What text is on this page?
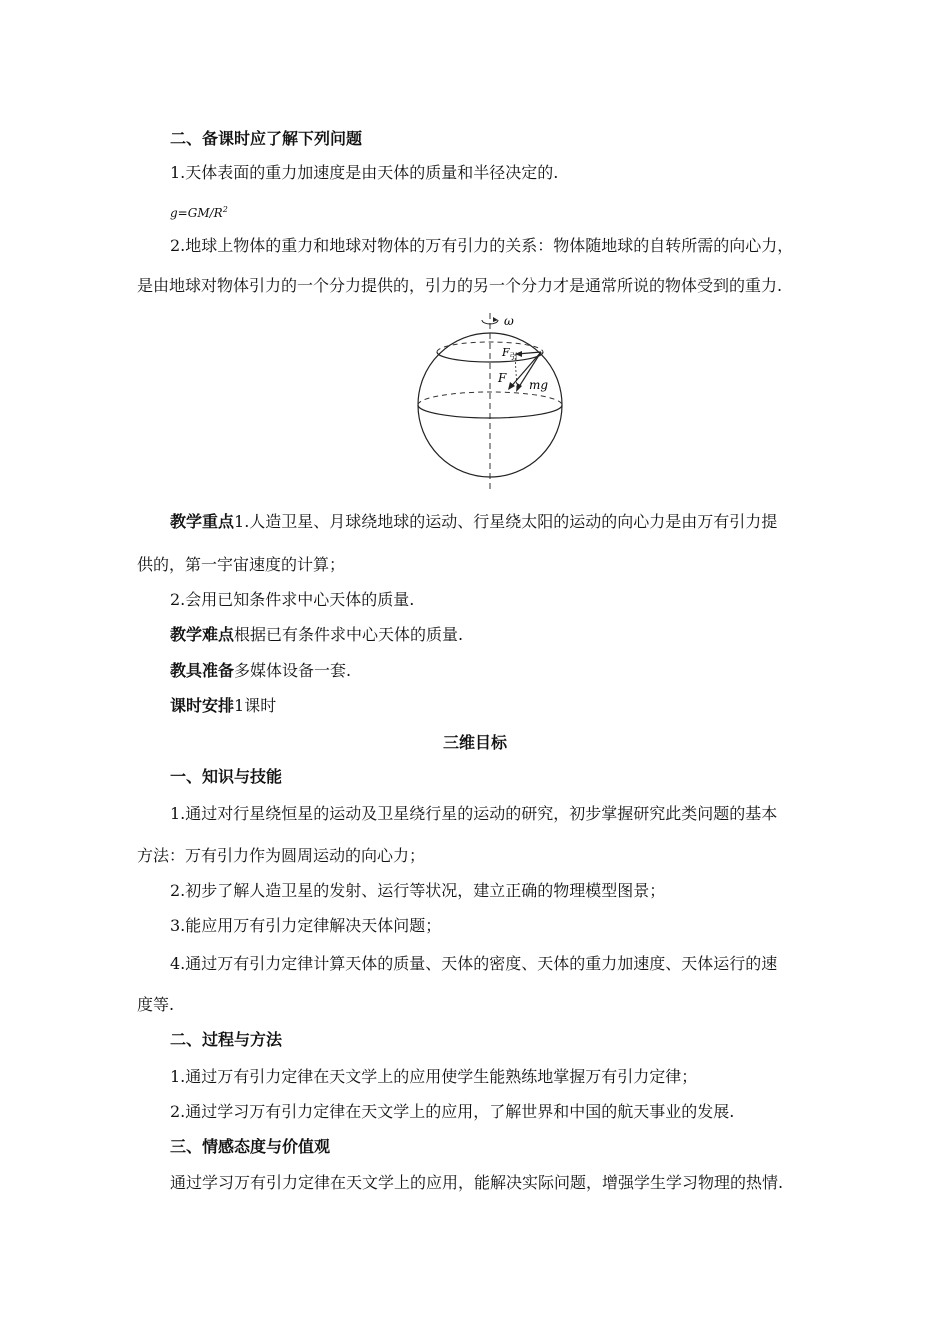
二、备课时应了解下列问题
1.天体表面的重力加速度是由天体的质量和半径决定的.
$g=GM/R^2$
2.地球上物体的重力和地球对物体的万有引力的关系：物体随地球的自转所需的向心力，
是由地球对物体引力的一个分力提供的，引力的另一个分力才是通常所说的物体受到的重力.
ω
$F_引$
F mg
教学重点1.人造卫星、月球绕地球的运动、行星绕太阳的运动的向心力是由万有引力提
供的，第一宇宙速度的计算；
2.会用已知条件求中心天体的质量.
教学难点根据已有条件求中心天体的质量.
教具准备多媒体设备一套.
课时安排1课时
三维目标
一、知识与技能
1.通过对行星绕恒星的运动及卫星绕行星的运动的研究，初步掌握研究此类问题的基本
方法：万有引力作为圆周运动的向心力；
2.初步了解人造卫星的发射、运行等状况，建立正确的物理模型图景；
3.能应用万有引力定律解决天体问题；
4.通过万有引力定律计算天体的质量、天体的密度、天体的重力加速度、天体运行的速
度等.
二、过程与方法
1.通过万有引力定律在天文学上的应用使学生能熟练地掌握万有引力定律；
2.通过学习万有引力定律在天文学上的应用，了解世界和中国的航天事业的发展.
三、情感态度与价值观
通过学习万有引力定律在天文学上的应用，能解决实际问题，增强学生学习物理的热情.
